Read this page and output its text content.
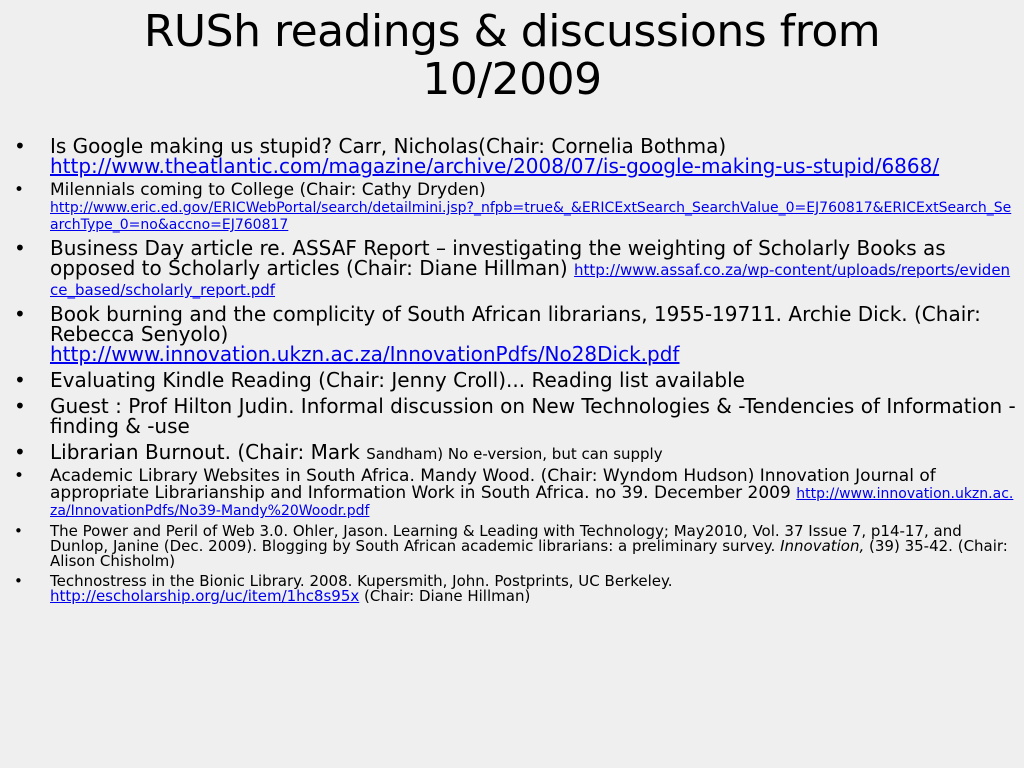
RUSh readings & discussions from
10/2009
• Is Google making us stupid? Carr, Nicholas(Chair: Cornelia Bothma)
http://www.theatlantic.com/magazine/archive/2008/07/is-google-making-us-stupid/6868/
• Milennials coming to College (Chair: Cathy Dryden)
http://www.eric.ed.gov/ERICWebPortal/search/detailmini.jsp?_nfpb=true&_&ERICExtSearch_SearchValue_0=EJ760817&ERICExtSearch_SearchType_0=no&accno=EJ760817
• Business Day article re. ASSAF Report – investigating the weighting of Scholarly Books as opposed to Scholarly articles (Chair: Diane Hillman) http://www.assaf.co.za/wp-content/uploads/reports/evidence_based/scholarly_report.pdf
• Book burning and the complicity of South African librarians, 1955-19711. Archie Dick. (Chair: Rebecca Senyolo)
http://www.innovation.ukzn.ac.za/InnovationPdfs/No28Dick.pdf
• Evaluating Kindle Reading (Chair: Jenny Croll)... Reading list available
• Guest : Prof Hilton Judin. Informal discussion on New Technologies & -Tendencies of Information -finding & -use
• Librarian Burnout. (Chair: Mark Sandham) No e-version, but can supply
• Academic Library Websites in South Africa. Mandy Wood. (Chair: Wyndom Hudson) Innovation Journal of appropriate Librarianship and Information Work in South Africa. no 39. December 2009 http://www.innovation.ukzn.ac.za/InnovationPdfs/No39-Mandy%20Woodr.pdf
• The Power and Peril of Web 3.0. Ohler, Jason. Learning & Leading with Technology; May2010, Vol. 37 Issue 7, p14-17, and Dunlop, Janine (Dec. 2009). Blogging by South African academic librarians: a preliminary survey. Innovation, (39) 35-42. (Chair: Alison Chisholm)
• Technostress in the Bionic Library. 2008. Kupersmith, John. Postprints, UC Berkeley.
http://escholarship.org/uc/item/1hc8s95x (Chair: Diane Hillman)
